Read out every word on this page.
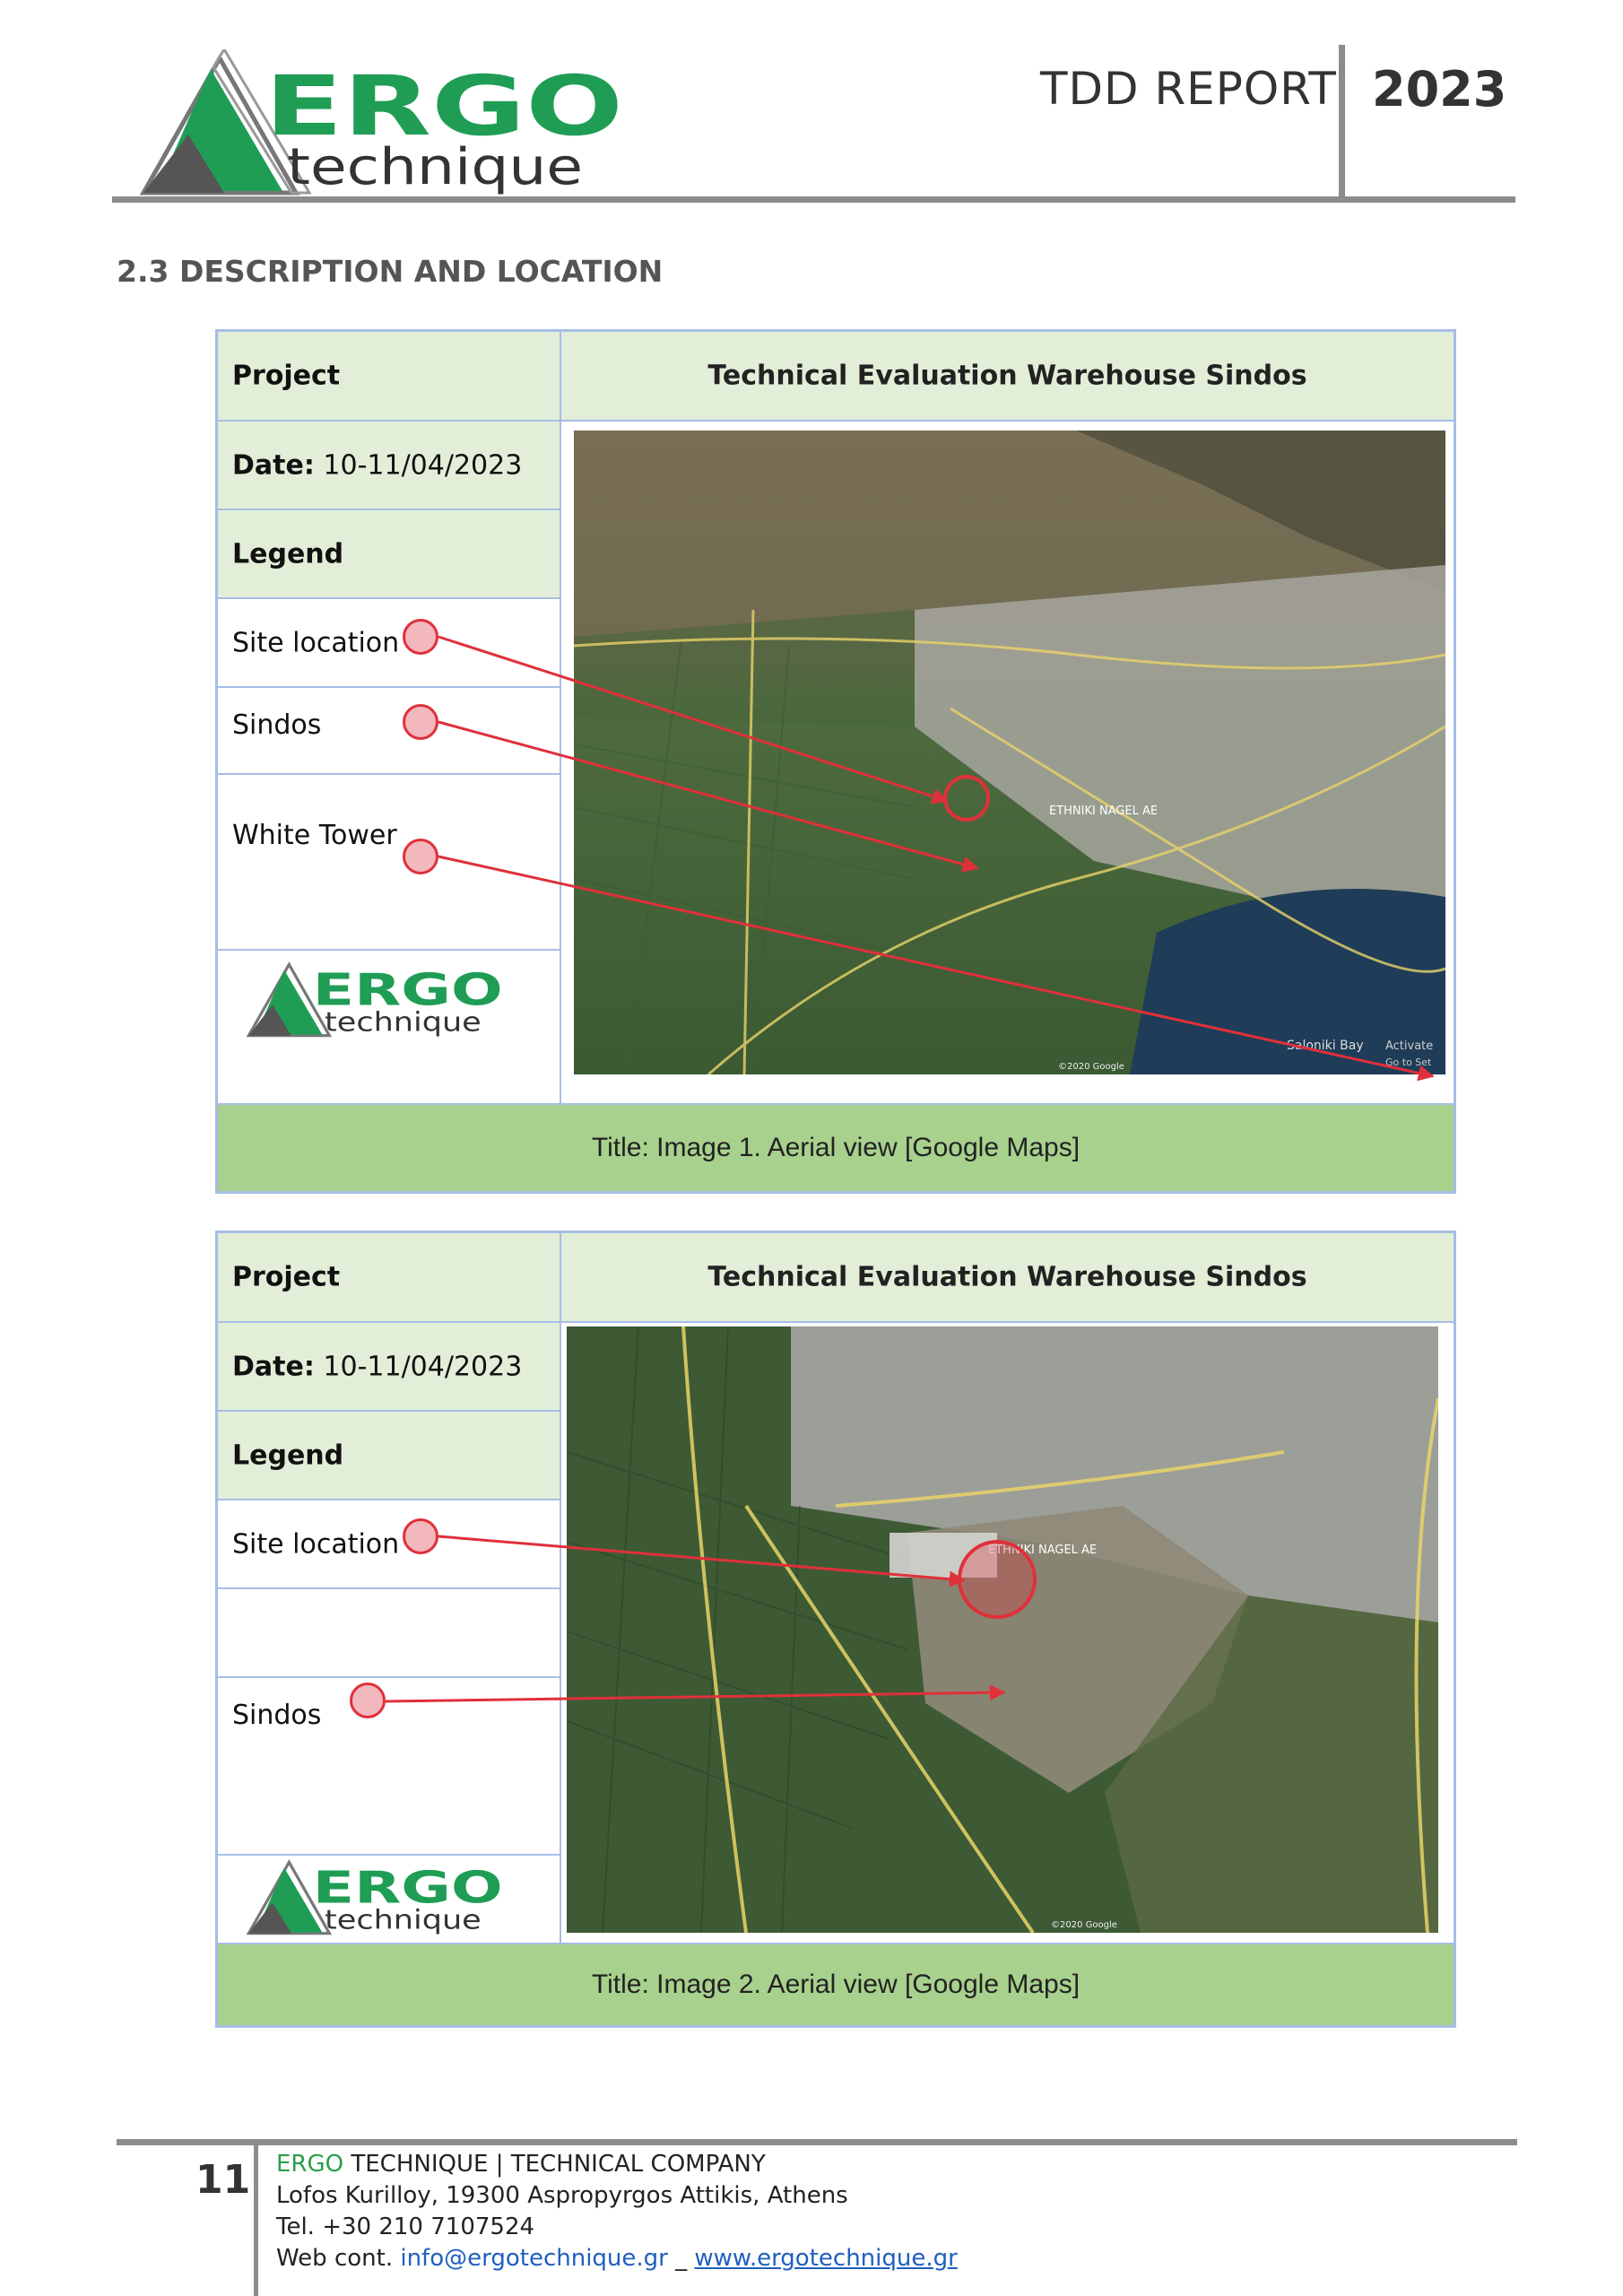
ERGO
technique
TDD REPORT 2023
2.3 DESCRIPTION AND LOCATION
Project	Technical Evaluation Warehouse Sindos
Date: 10-11/04/2023
Legend
Site location
Sindos
White Tower
ERGO
technique
ETHNIKI NAGEL AE
Saloniki Bay
©2020 Google
Activate
Go to Set
Title: Image 1. Aerial view [Google Maps]
Project	Technical Evaluation Warehouse Sindos
Date: 10-11/04/2023
Legend
Site location
Sindos
ERGO
technique
ETHNIKI NAGEL AE
©2020 Google
Title: Image 2. Aerial view [Google Maps]
11 ERGO TECHNIQUE | TECHNICAL COMPANY
Lofos Kurilloy, 19300 Aspropyrgos Attikis, Athens
Tel. +30 210 7107524
Web cont. info@ergotechnique.gr _ www.ergotechnique.gr
